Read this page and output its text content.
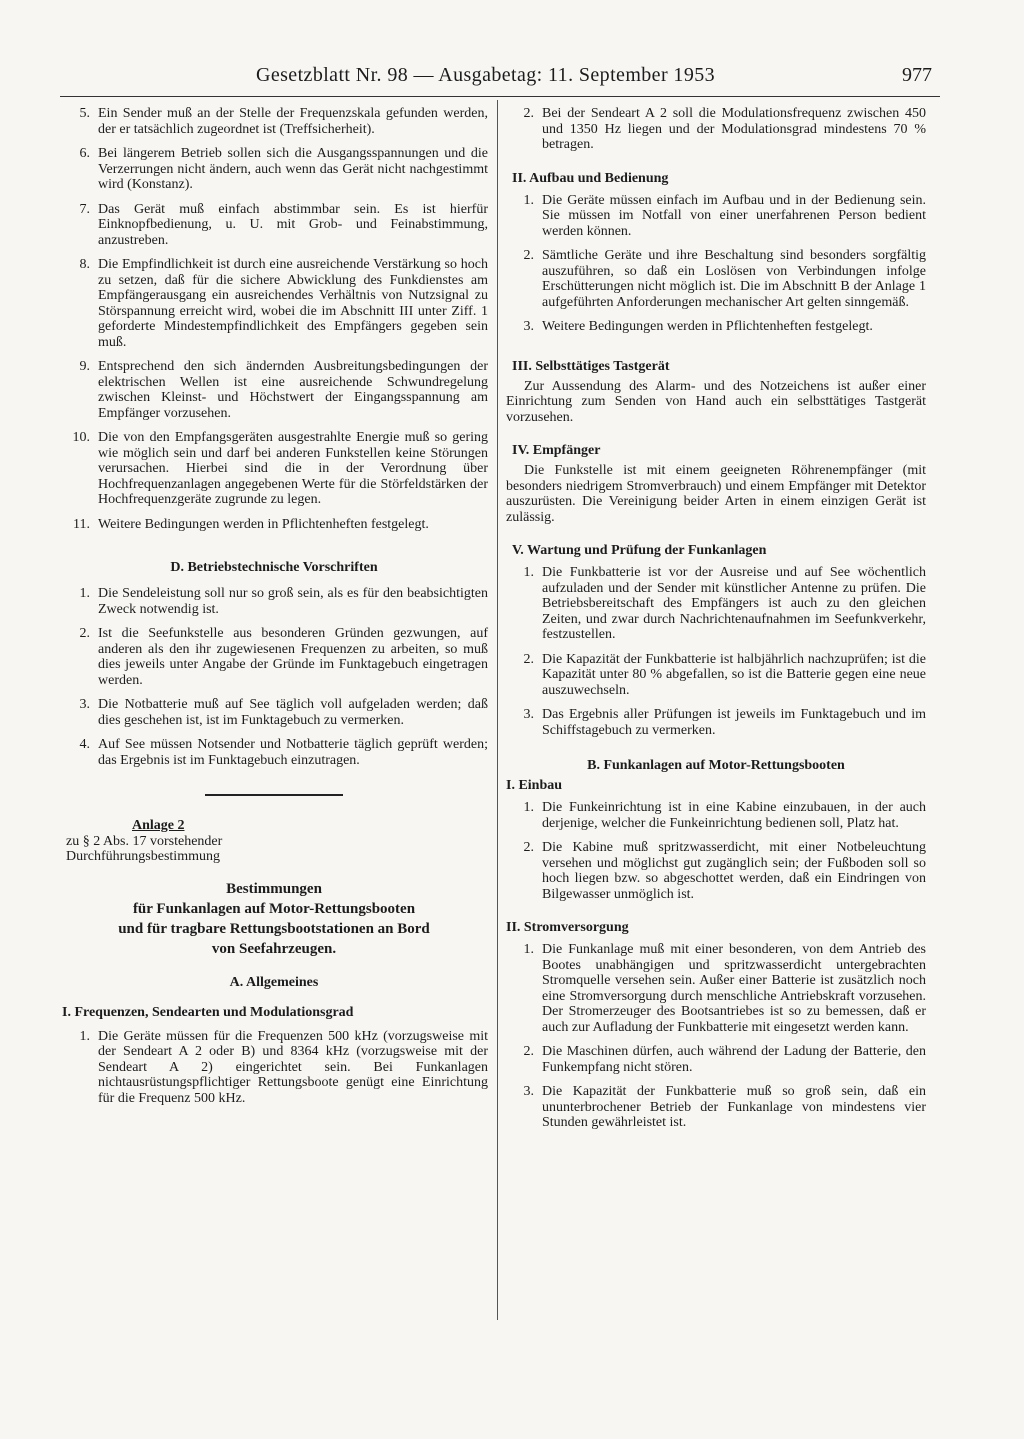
Gesetzblatt Nr. 98 — Ausgabetag: 11. September 1953	977
5. Ein Sender muß an der Stelle der Frequenzskala gefunden werden, der er tatsächlich zugeordnet ist (Treffsicherheit).
6. Bei längerem Betrieb sollen sich die Ausgangsspannungen und die Verzerrungen nicht ändern, auch wenn das Gerät nicht nachgestimmt wird (Konstanz).
7. Das Gerät muß einfach abstimmbar sein. Es ist hierfür Einknopfbedienung, u. U. mit Grob- und Feinabstimmung, anzustreben.
8. Die Empfindlichkeit ist durch eine ausreichende Verstärkung so hoch zu setzen, daß für die sichere Abwicklung des Funkdienstes am Empfängerausgang ein ausreichendes Verhältnis von Nutzsignal zu Störspannung erreicht wird, wobei die im Abschnitt III unter Ziff. 1 geforderte Mindestempfindlichkeit des Empfängers gegeben sein muß.
9. Entsprechend den sich ändernden Ausbreitungsbedingungen der elektrischen Wellen ist eine ausreichende Schwundregelung zwischen Kleinst- und Höchstwert der Eingangsspannung am Empfänger vorzusehen.
10. Die von den Empfangsgeräten ausgestrahlte Energie muß so gering wie möglich sein und darf bei anderen Funkstellen keine Störungen verursachen. Hierbei sind die in der Verordnung über Hochfrequenzanlagen angegebenen Werte für die Störfeldstärken der Hochfrequenzgeräte zugrunde zu legen.
11. Weitere Bedingungen werden in Pflichtenheften festgelegt.
D. Betriebstechnische Vorschriften
1. Die Sendeleistung soll nur so groß sein, als es für den beabsichtigten Zweck notwendig ist.
2. Ist die Seefunkstelle aus besonderen Gründen gezwungen, auf anderen als den ihr zugewiesenen Frequenzen zu arbeiten, so muß dies jeweils unter Angabe der Gründe im Funktagebuch eingetragen werden.
3. Die Notbatterie muß auf See täglich voll aufgeladen werden; daß dies geschehen ist, ist im Funktagebuch zu vermerken.
4. Auf See müssen Notsender und Notbatterie täglich geprüft werden; das Ergebnis ist im Funktagebuch einzutragen.
Anlage 2
zu § 2 Abs. 17 vorstehender
Durchführungsbestimmung
Bestimmungen
für Funkanlagen auf Motor-Rettungsbooten
und für tragbare Rettungsbootstationen an Bord
von Seefahrzeugen.
A. Allgemeines
I. Frequenzen, Sendearten und Modulationsgrad
1. Die Geräte müssen für die Frequenzen 500 kHz (vorzugsweise mit der Sendeart A 2 oder B) und 8364 kHz (vorzugsweise mit der Sendeart A 2) eingerichtet sein. Bei Funkanlagen nichtausrüstungspflichtiger Rettungsboote genügt eine Einrichtung für die Frequenz 500 kHz.
2. Bei der Sendeart A 2 soll die Modulationsfrequenz zwischen 450 und 1350 Hz liegen und der Modulationsgrad mindestens 70 % betragen.
II. Aufbau und Bedienung
1. Die Geräte müssen einfach im Aufbau und in der Bedienung sein. Sie müssen im Notfall von einer unerfahrenen Person bedient werden können.
2. Sämtliche Geräte und ihre Beschaltung sind besonders sorgfältig auszuführen, so daß ein Loslösen von Verbindungen infolge Erschütterungen nicht möglich ist. Die im Abschnitt B der Anlage 1 aufgeführten Anforderungen mechanischer Art gelten sinngemäß.
3. Weitere Bedingungen werden in Pflichtenheften festgelegt.
III. Selbsttätiges Tastgerät
Zur Aussendung des Alarm- und des Notzeichens ist außer einer Einrichtung zum Senden von Hand auch ein selbsttätiges Tastgerät vorzusehen.
IV. Empfänger
Die Funkstelle ist mit einem geeigneten Röhrenempfänger (mit besonders niedrigem Stromverbrauch) und einem Empfänger mit Detektor auszurüsten. Die Vereinigung beider Arten in einem einzigen Gerät ist zulässig.
V. Wartung und Prüfung der Funkanlagen
1. Die Funkbatterie ist vor der Ausreise und auf See wöchentlich aufzuladen und der Sender mit künstlicher Antenne zu prüfen. Die Betriebsbereitschaft des Empfängers ist auch zu den gleichen Zeiten, und zwar durch Nachrichtenaufnahmen im Seefunkverkehr, festzustellen.
2. Die Kapazität der Funkbatterie ist halbjährlich nachzuprüfen; ist die Kapazität unter 80 % abgefallen, so ist die Batterie gegen eine neue auszuwechseln.
3. Das Ergebnis aller Prüfungen ist jeweils im Funktagebuch und im Schiffstagebuch zu vermerken.
B. Funkanlagen auf Motor-Rettungsbooten
I. Einbau
1. Die Funkeinrichtung ist in eine Kabine einzubauen, in der auch derjenige, welcher die Funkeinrichtung bedienen soll, Platz hat.
2. Die Kabine muß spritzwasserdicht, mit einer Notbeleuchtung versehen und möglichst gut zugänglich sein; der Fußboden soll so hoch liegen bzw. so abgeschottet werden, daß ein Eindringen von Bilgewasser unmöglich ist.
II. Stromversorgung
1. Die Funkanlage muß mit einer besonderen, von dem Antrieb des Bootes unabhängigen und spritzwasserdicht untergebrachten Stromquelle versehen sein. Außer einer Batterie ist zusätzlich noch eine Stromversorgung durch menschliche Antriebskraft vorzusehen. Der Stromerzeuger des Bootsantriebes ist so zu bemessen, daß er auch zur Aufladung der Funkbatterie mit eingesetzt werden kann.
2. Die Maschinen dürfen, auch während der Ladung der Batterie, den Funkempfang nicht stören.
3. Die Kapazität der Funkbatterie muß so groß sein, daß ein ununterbrochener Betrieb der Funkanlage von mindestens vier Stunden gewährleistet ist.
